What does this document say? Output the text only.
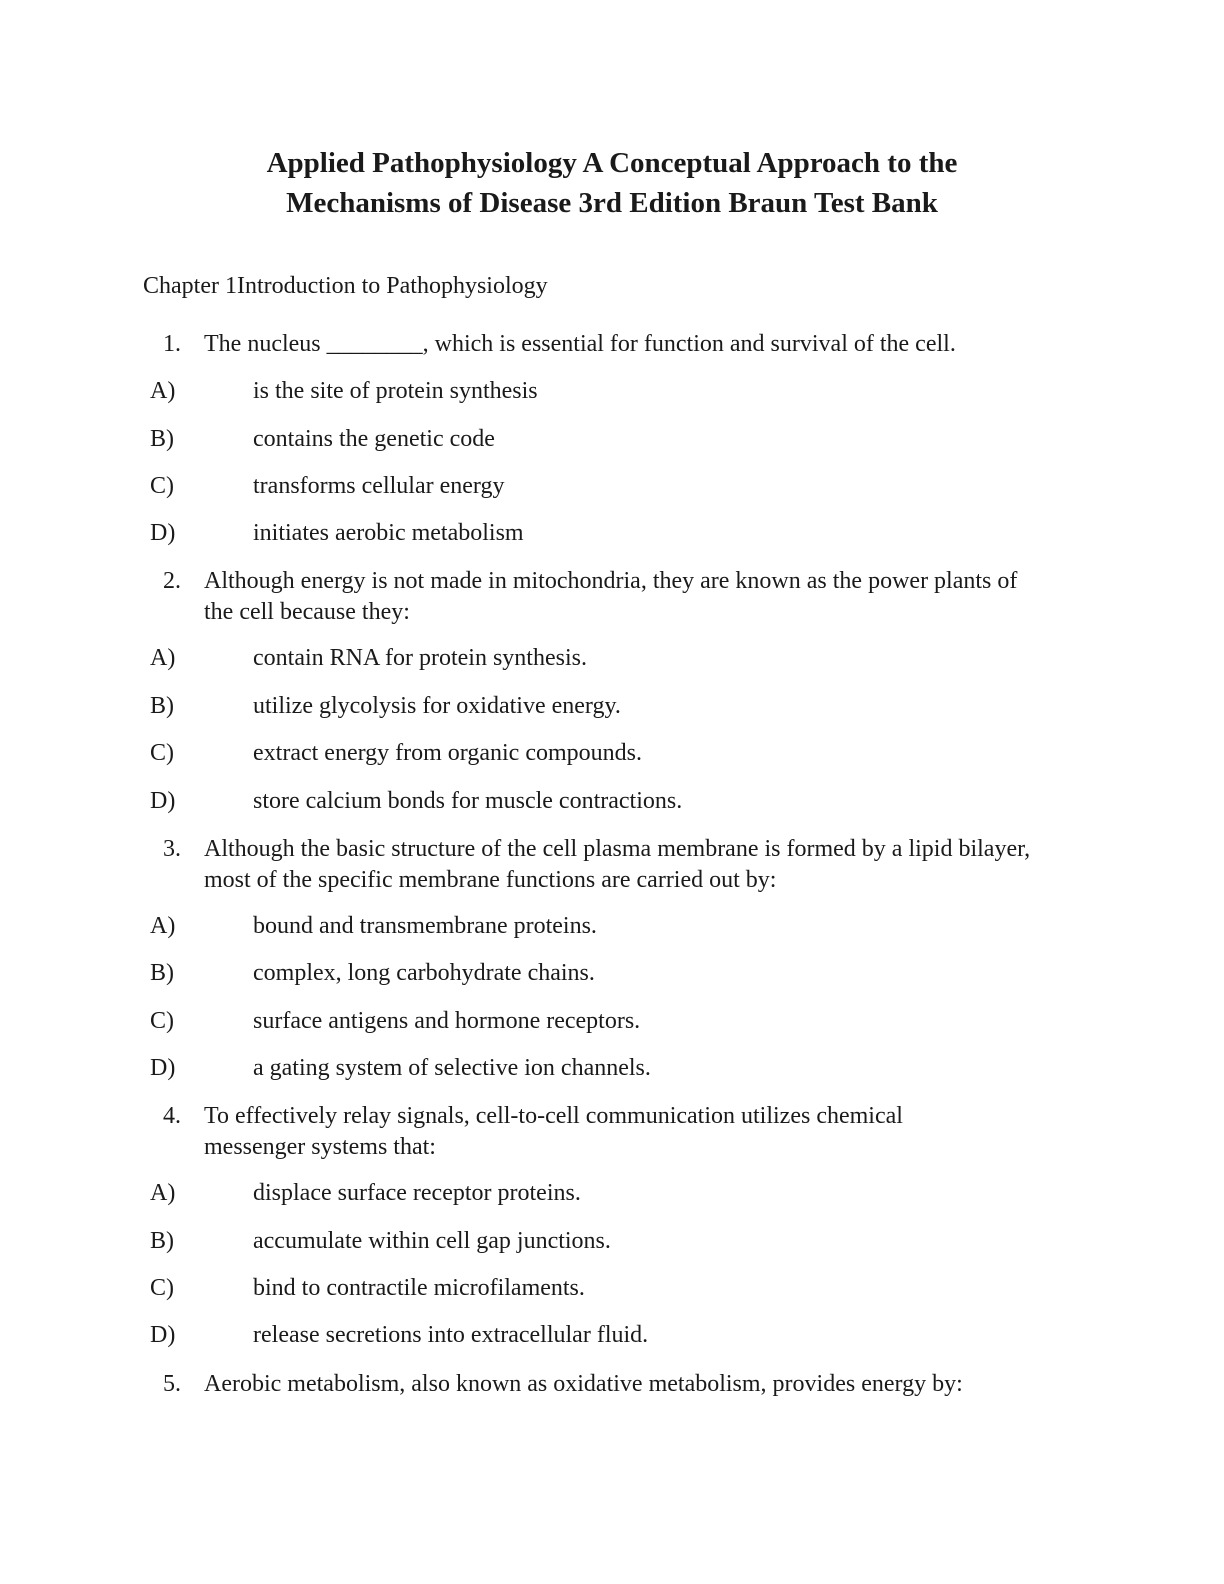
Applied Pathophysiology A Conceptual Approach to the
Mechanisms of Disease 3rd Edition Braun Test Bank
Chapter 1Introduction to Pathophysiology
1. The nucleus ________, which is essential for function and survival of the cell.
A)	is the site of protein synthesis
B)	contains the genetic code
C)	transforms cellular energy
D)	initiates aerobic metabolism
2. Although energy is not made in mitochondria, they are known as the power plants of the cell because they:
A)	contain RNA for protein synthesis.
B)	utilize glycolysis for oxidative energy.
C)	extract energy from organic compounds.
D)	store calcium bonds for muscle contractions.
3. Although the basic structure of the cell plasma membrane is formed by a lipid bilayer, most of the specific membrane functions are carried out by:
A)	bound and transmembrane proteins.
B)	complex, long carbohydrate chains.
C)	surface antigens and hormone receptors.
D)	a gating system of selective ion channels.
4. To effectively relay signals, cell-to-cell communication utilizes chemical messenger systems that:
A)	displace surface receptor proteins.
B)	accumulate within cell gap junctions.
C)	bind to contractile microfilaments.
D)	release secretions into extracellular fluid.
5. Aerobic metabolism, also known as oxidative metabolism, provides energy by:
